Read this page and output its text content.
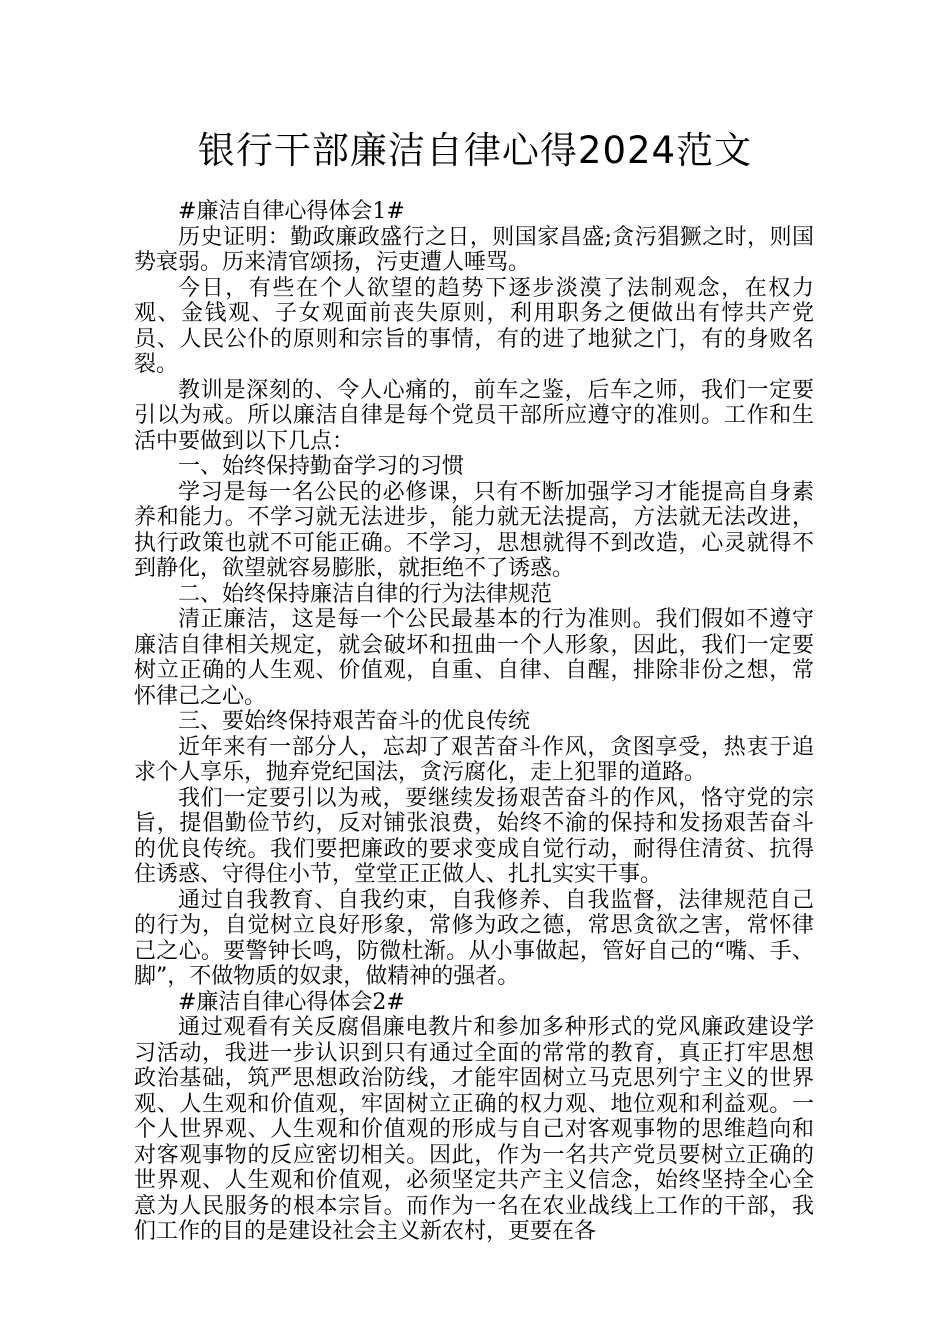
银行干部廉洁自律心得2024范文

#廉洁自律心得体会1#

历史证明：勤政廉政盛行之日，则国家昌盛;贪污猖獗之时，则国势衰弱。历来清官颂扬，污吏遭人唾骂。

今日，有些在个人欲望的趋势下逐步淡漠了法制观念，在权力观、金钱观、子女观面前丧失原则，利用职务之便做出有悖共产党员、人民公仆的原则和宗旨的事情，有的进了地狱之门，有的身败名裂。

教训是深刻的、令人心痛的，前车之鉴，后车之师，我们一定要引以为戒。所以廉洁自律是每个党员干部所应遵守的准则。工作和生活中要做到以下几点：

一、始终保持勤奋学习的习惯

学习是每一名公民的必修课，只有不断加强学习才能提高自身素养和能力。不学习就无法进步，能力就无法提高，方法就无法改进，执行政策也就不可能正确。不学习，思想就得不到改造，心灵就得不到静化，欲望就容易膨胀，就拒绝不了诱惑。

二、始终保持廉洁自律的行为法律规范

清正廉洁，这是每一个公民最基本的行为准则。我们假如不遵守廉洁自律相关规定，就会破坏和扭曲一个人形象，因此，我们一定要树立正确的人生观、价值观，自重、自律、自醒，排除非份之想，常怀律己之心。

三、要始终保持艰苦奋斗的优良传统

近年来有一部分人，忘却了艰苦奋斗作风，贪图享受，热衷于追求个人享乐，抛弃党纪国法，贪污腐化，走上犯罪的道路。

我们一定要引以为戒，要继续发扬艰苦奋斗的作风，恪守党的宗旨，提倡勤俭节约，反对铺张浪费，始终不渝的保持和发扬艰苦奋斗的优良传统。我们要把廉政的要求变成自觉行动，耐得住清贫、抗得住诱惑、守得住小节，堂堂正正做人、扎扎实实干事。

通过自我教育、自我约束，自我修养、自我监督，法律规范自己的行为，自觉树立良好形象，常修为政之德，常思贪欲之害，常怀律己之心。要警钟长鸣，防微杜渐。从小事做起，管好自己的“嘴、手、脚”，不做物质的奴隶，做精神的强者。

#廉洁自律心得体会2#

通过观看有关反腐倡廉电教片和参加多种形式的党风廉政建设学习活动，我进一步认识到只有通过全面的常常的教育，真正打牢思想政治基础，筑严思想政治防线，才能牢固树立马克思列宁主义的世界观、人生观和价值观，牢固树立正确的权力观、地位观和利益观。一个人世界观、人生观和价值观的形成与自己对客观事物的思维趋向和对客观事物的反应密切相关。因此，作为一名共产党员要树立正确的世界观、人生观和价值观，必须坚定共产主义信念，始终坚持全心全意为人民服务的根本宗旨。而作为一名在农业战线上工作的干部，我们工作的目的是建设社会主义新农村，更要在各
